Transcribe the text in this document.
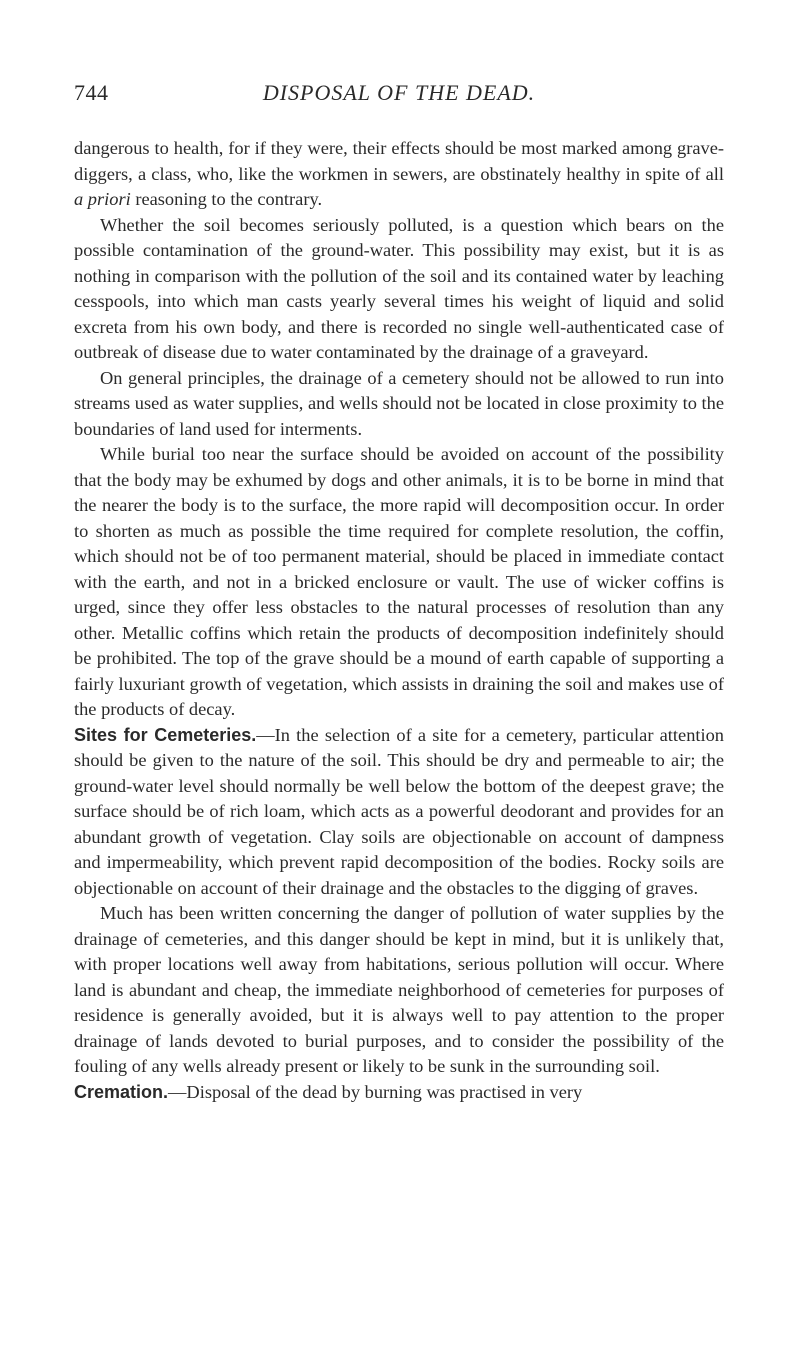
744	DISPOSAL OF THE DEAD.

dangerous to health, for if they were, their effects should be most marked among grave-diggers, a class, who, like the workmen in sewers, are obstinately healthy in spite of all a priori reasoning to the contrary.

Whether the soil becomes seriously polluted, is a question which bears on the possible contamination of the ground-water. This possibility may exist, but it is as nothing in comparison with the pollution of the soil and its contained water by leaching cesspools, into which man casts yearly several times his weight of liquid and solid excreta from his own body, and there is recorded no single well-authenticated case of outbreak of disease due to water contaminated by the drainage of a graveyard.

On general principles, the drainage of a cemetery should not be allowed to run into streams used as water supplies, and wells should not be located in close proximity to the boundaries of land used for interments.

While burial too near the surface should be avoided on account of the possibility that the body may be exhumed by dogs and other animals, it is to be borne in mind that the nearer the body is to the surface, the more rapid will decomposition occur. In order to shorten as much as possible the time required for complete resolution, the coffin, which should not be of too permanent material, should be placed in immediate contact with the earth, and not in a bricked enclosure or vault. The use of wicker coffins is urged, since they offer less obstacles to the natural processes of resolution than any other. Metallic coffins which retain the products of decomposition indefinitely should be prohibited. The top of the grave should be a mound of earth capable of supporting a fairly luxuriant growth of vegetation, which assists in draining the soil and makes use of the products of decay.

Sites for Cemeteries.—In the selection of a site for a cemetery, particular attention should be given to the nature of the soil. This should be dry and permeable to air; the ground-water level should normally be well below the bottom of the deepest grave; the surface should be of rich loam, which acts as a powerful deodorant and provides for an abundant growth of vegetation. Clay soils are objectionable on account of dampness and impermeability, which prevent rapid decomposition of the bodies. Rocky soils are objectionable on account of their drainage and the obstacles to the digging of graves.

Much has been written concerning the danger of pollution of water supplies by the drainage of cemeteries, and this danger should be kept in mind, but it is unlikely that, with proper locations well away from habitations, serious pollution will occur. Where land is abundant and cheap, the immediate neighborhood of cemeteries for purposes of residence is generally avoided, but it is always well to pay attention to the proper drainage of lands devoted to burial purposes, and to consider the possibility of the fouling of any wells already present or likely to be sunk in the surrounding soil.

Cremation.—Disposal of the dead by burning was practised in very
